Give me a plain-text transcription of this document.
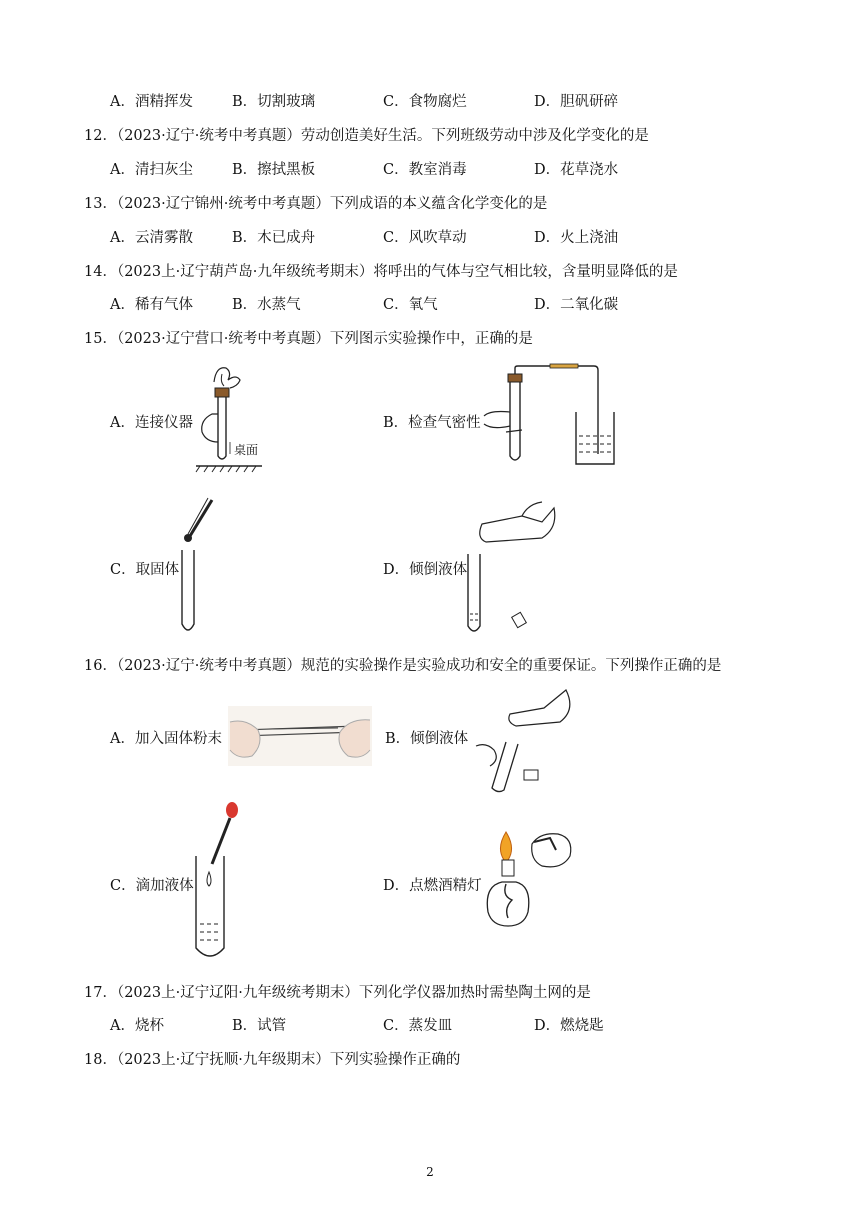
A．酒精挥发	B．切割玻璃	C．食物腐烂	D．胆矾研碎
12．（2023·辽宁·统考中考真题）劳动创造美好生活。下列班级劳动中涉及化学变化的是
A．清扫灰尘	B．擦拭黑板	C．教室消毒	D．花草浇水
13．（2023·辽宁锦州·统考中考真题）下列成语的本义蕴含化学变化的是
A．云清雾散	B．木已成舟	C．风吹草动	D．火上浇油
14．（2023上·辽宁葫芦岛·九年级统考期末）将呼出的气体与空气相比较，含量明显降低的是
A．稀有气体	B．水蒸气	C．氧气	D．二氧化碳
15．（2023·辽宁营口·统考中考真题）下列图示实验操作中，正确的是
A．连接仪器
桌面
B．检查气密性
C．取固体	D．倾倒液体
16．（2023·辽宁·统考中考真题）规范的实验操作是实验成功和安全的重要保证。下列操作正确的是
A．加入固体粉末	B．倾倒液体
C．滴加液体	D．点燃酒精灯
17．（2023上·辽宁辽阳·九年级统考期末）下列化学仪器加热时需垫陶土网的是
A．烧杯	B．试管	C．蒸发皿	D．燃烧匙
18．（2023上·辽宁抚顺·九年级期末）下列实验操作正确的
2
